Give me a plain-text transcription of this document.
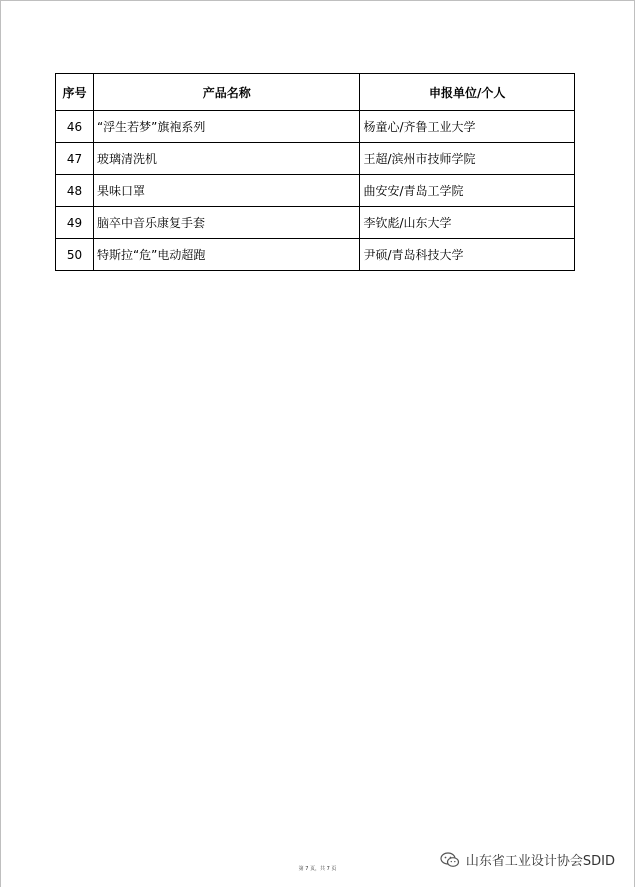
序号	产品名称	申报单位/个人
46	“浮生若梦”旗袍系列	杨童心/齐鲁工业大学
47	玻璃清洗机	王超/滨州市技师学院
48	果味口罩	曲安安/青岛工学院
49	脑卒中音乐康复手套	李钦彪/山东大学
50	特斯拉“危”电动超跑	尹硕/青岛科技大学
第 7 页，共 7 页	山东省工业设计协会SDID
